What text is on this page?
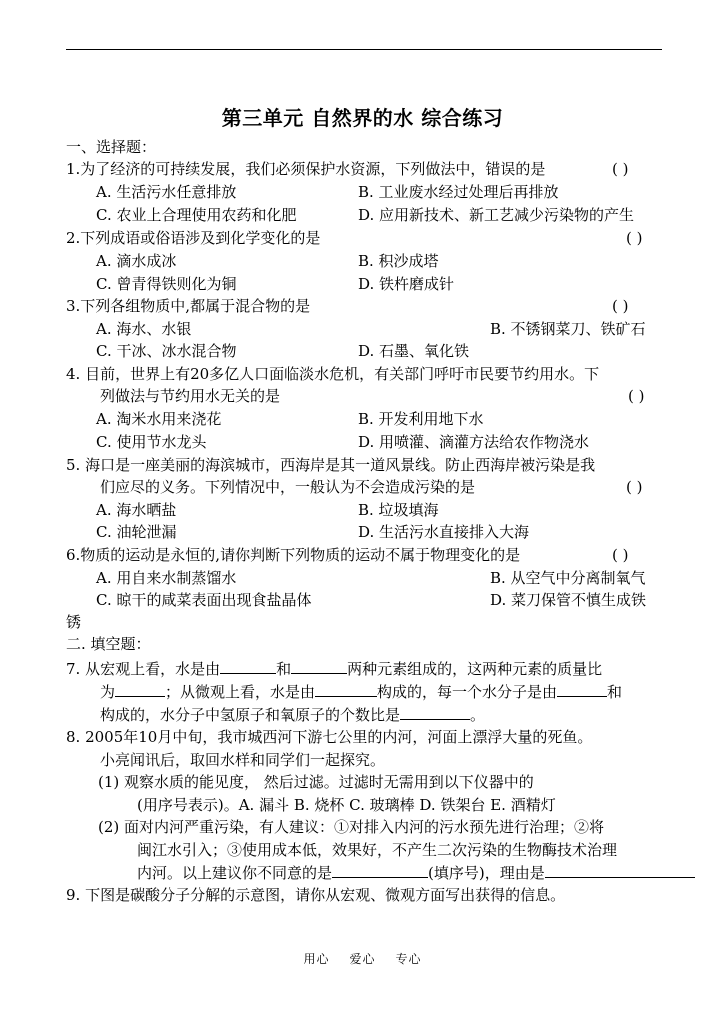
第三单元 自然界的水 综合练习
一、选择题：
1.为了经济的可持续发展，我们必须保护水资源，下列做法中，错误的是	( )
A. 生活污水任意排放	B. 工业废水经过处理后再排放
C. 农业上合理使用农药和化肥	D. 应用新技术、新工艺减少污染物的产生
2.下列成语或俗语涉及到化学变化的是	( )
A. 滴水成冰	B. 积沙成塔
C. 曾青得铁则化为铜	D. 铁杵磨成针
3.下列各组物质中,都属于混合物的是	( )
A. 海水、水银	B. 不锈钢菜刀、铁矿石
C. 干冰、冰水混合物	D. 石墨、氧化铁
4. 目前，世界上有20多亿人口面临淡水危机，有关部门呼吁市民要节约用水。下
列做法与节约用水无关的是	( )
A. 淘米水用来浇花	B. 开发利用地下水
C. 使用节水龙头	D. 用喷灌、滴灌方法给农作物浇水
5. 海口是一座美丽的海滨城市，西海岸是其一道风景线。防止西海岸被污染是我
们应尽的义务。下列情况中，一般认为不会造成污染的是	( )
A. 海水晒盐	B. 垃圾填海
C. 油轮泄漏	D. 生活污水直接排入大海
6.物质的运动是永恒的,请你判断下列物质的运动不属于物理变化的是	( )
A. 用自来水制蒸馏水	B. 从空气中分离制氧气
C. 晾干的咸菜表面出现食盐晶体	D. 菜刀保管不慎生成铁
锈
二. 填空题：
7. 从宏观上看，水是由	和	两种元素组成的，这两种元素的质量比
为	；从微观上看，水是由	构成的，每一个水分子是由	和
构成的，水分子中氢原子和氧原子的个数比是	。
8. 2005年10月中旬，我市城西河下游七公里的内河，河面上漂浮大量的死鱼。
小亮闻讯后，取回水样和同学们一起探究。
(1) 观察水质的能见度， 然后过滤。过滤时无需用到以下仪器中的
(用序号表示)。A. 漏斗 B. 烧杯 C. 玻璃棒 D. 铁架台 E. 酒精灯
(2) 面对内河严重污染，有人建议：①对排入内河的污水预先进行治理；②将
闽江水引入；③使用成本低，效果好，不产生二次污染的生物酶技术治理
内河。以上建议你不同意的是	(填序号)，理由是
9. 下图是碳酸分子分解的示意图，请你从宏观、微观方面写出获得的信息。
用心 爱心 专心
